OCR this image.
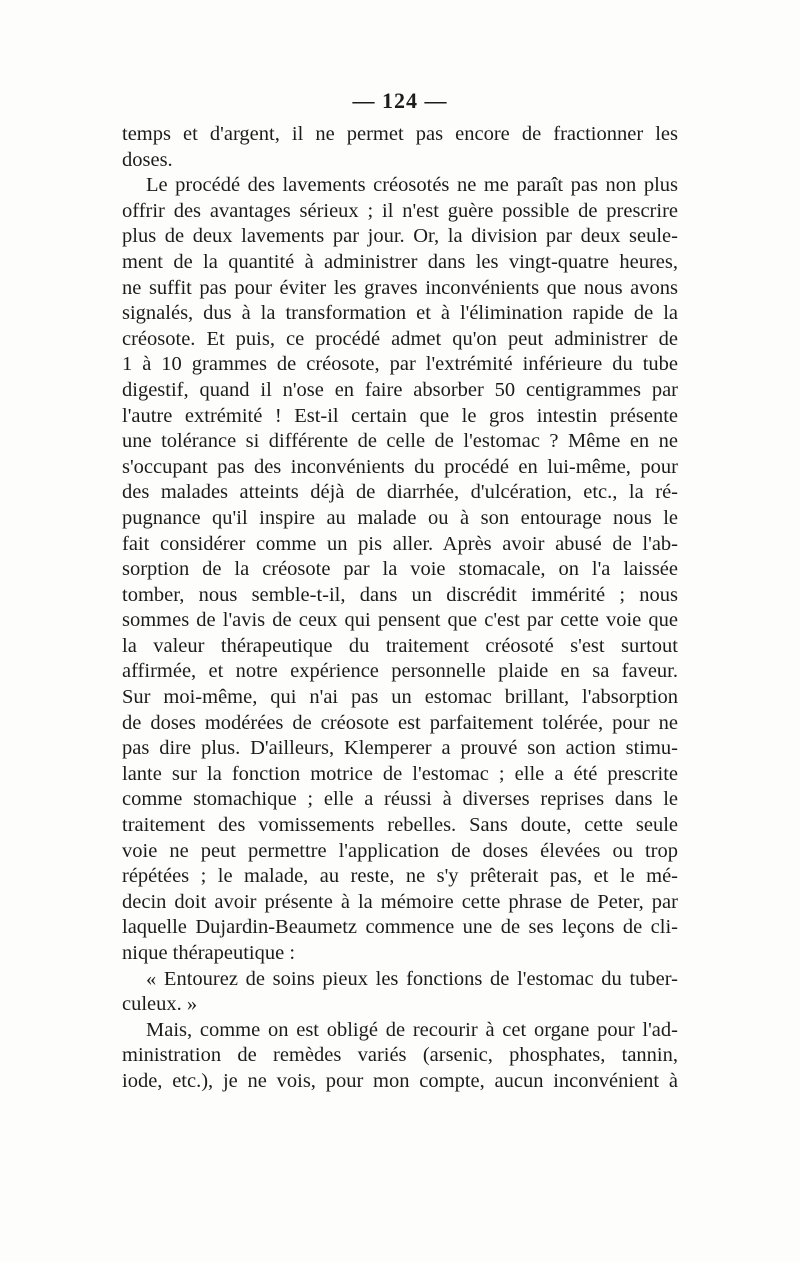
— 124 —
temps et d'argent, il ne permet pas encore de fractionner les
doses.
Le procédé des lavements créosotés ne me paraît pas non plus
offrir des avantages sérieux ; il n'est guère possible de prescrire
plus de deux lavements par jour. Or, la division par deux seule-
ment de la quantité à administrer dans les vingt-quatre heures,
ne suffit pas pour éviter les graves inconvénients que nous avons
signalés, dus à la transformation et à l'élimination rapide de la
créosote. Et puis, ce procédé admet qu'on peut administrer de
1 à 10 grammes de créosote, par l'extrémité inférieure du tube
digestif, quand il n'ose en faire absorber 50 centigrammes par
l'autre extrémité ! Est-il certain que le gros intestin présente
une tolérance si différente de celle de l'estomac ? Même en ne
s'occupant pas des inconvénients du procédé en lui-même, pour
des malades atteints déjà de diarrhée, d'ulcération, etc., la ré-
pugnance qu'il inspire au malade ou à son entourage nous le
fait considérer comme un pis aller. Après avoir abusé de l'ab-
sorption de la créosote par la voie stomacale, on l'a laissée
tomber, nous semble-t-il, dans un discrédit immérité ; nous
sommes de l'avis de ceux qui pensent que c'est par cette voie que
la valeur thérapeutique du traitement créosoté s'est surtout
affirmée, et notre expérience personnelle plaide en sa faveur.
Sur moi-même, qui n'ai pas un estomac brillant, l'absorption
de doses modérées de créosote est parfaitement tolérée, pour ne
pas dire plus. D'ailleurs, Klemperer a prouvé son action stimu-
lante sur la fonction motrice de l'estomac ; elle a été prescrite
comme stomachique ; elle a réussi à diverses reprises dans le
traitement des vomissements rebelles. Sans doute, cette seule
voie ne peut permettre l'application de doses élevées ou trop
répétées ; le malade, au reste, ne s'y prêterait pas, et le mé-
decin doit avoir présente à la mémoire cette phrase de Peter, par
laquelle Dujardin-Beaumetz commence une de ses leçons de cli-
nique thérapeutique :
« Entourez de soins pieux les fonctions de l'estomac du tuber-
culeux. »
Mais, comme on est obligé de recourir à cet organe pour l'ad-
ministration de remèdes variés (arsenic, phosphates, tannin,
iode, etc.), je ne vois, pour mon compte, aucun inconvénient à
